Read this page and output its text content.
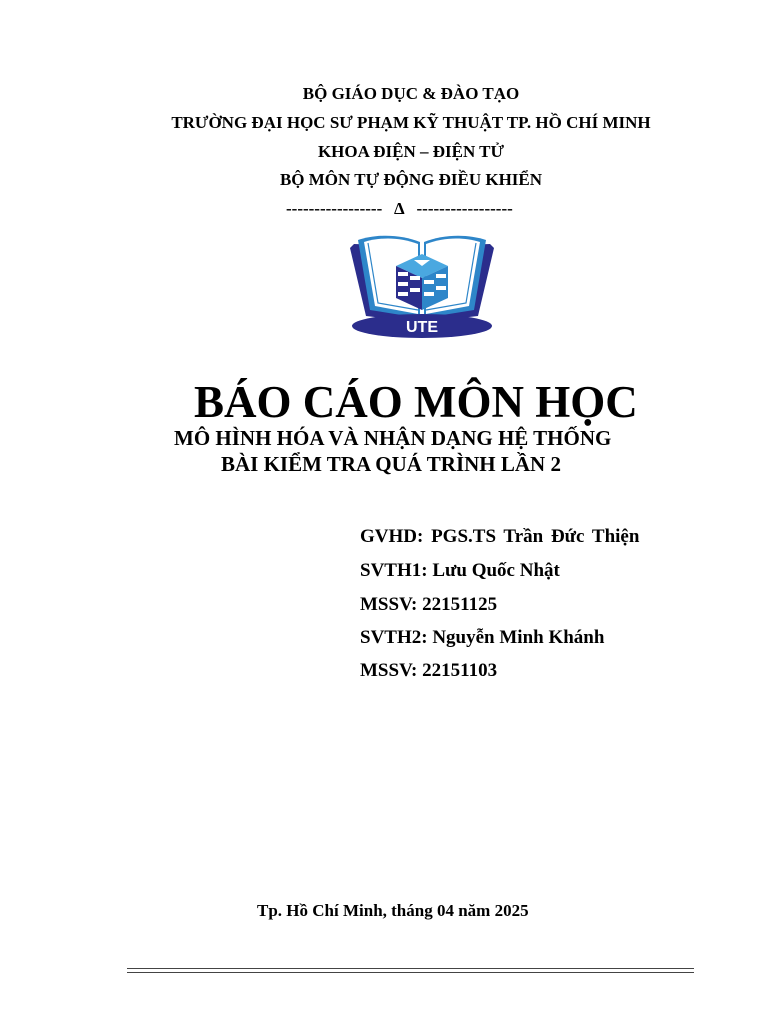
BỘ GIÁO DỤC & ĐÀO TẠO
TRƯỜNG ĐẠI HỌC SƯ PHẠM KỸ THUẬT TP. HỒ CHÍ MINH
KHOA ĐIỆN – ĐIỆN TỬ
BỘ MÔN TỰ ĐỘNG ĐIỀU KHIỂN
-----------------   Δ   -----------------
UTE
BÁO CÁO MÔN HỌC
MÔ HÌNH HÓA VÀ NHẬN DẠNG HỆ THỐNG
BÀI KIỂM TRA QUÁ TRÌNH LẦN 2
GVHD: PGS.TS Trần Đức Thiện
SVTH1: Lưu Quốc Nhật
MSSV: 22151125
SVTH2: Nguyễn Minh Khánh
MSSV: 22151103
Tp. Hồ Chí Minh, tháng 04 năm 2025
